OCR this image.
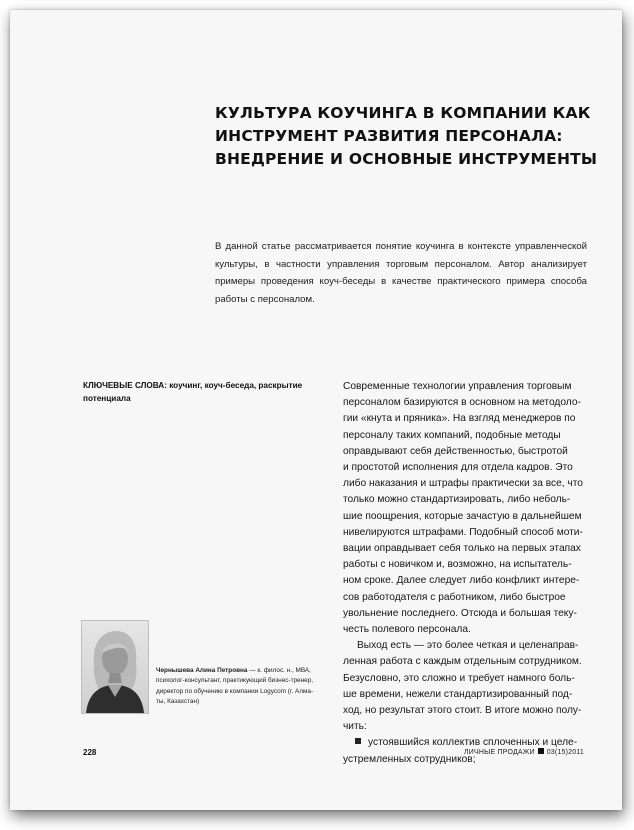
КУЛЬТУРА КОУЧИНГА В КОМПАНИИ КАК
ИНСТРУМЕНТ РАЗВИТИЯ ПЕРСОНАЛА:
ВНЕДРЕНИЕ И ОСНОВНЫЕ ИНСТРУМЕНТЫ
В данной статье рассматривается понятие коучинга в контексте управленческой
культуры, в частности управления торговым персоналом. Автор анализирует
примеры проведения коуч-беседы в качестве практического примера способа
работы с персоналом.
КЛЮЧЕВЫЕ СЛОВА: коучинг, коуч-беседа, раскрытие
потенциала
Современные технологии управления торговым
персоналом базируются в основном на методоло-
гии «кнута и пряника». На взгляд менеджеров по
персоналу таких компаний, подобные методы
оправдывают себя действенностью, быстротой
и простотой исполнения для отдела кадров. Это
либо наказания и штрафы практически за все, что
только можно стандартизировать, либо неболь-
шие поощрения, которые зачастую в дальнейшем
нивелируются штрафами. Подобный способ моти-
вации оправдывает себя только на первых этапах
работы с новичком и, возможно, на испытатель-
ном сроке. Далее следует либо конфликт интере-
сов работодателя с работником, либо быстрое
увольнение последнего. Отсюда и большая теку-
честь полевого персонала.
Выход есть — это более четкая и целенаправ-
ленная работа с каждым отдельным сотрудником.
Безусловно, это сложно и требует намного боль-
ше времени, нежели стандартизированный под-
ход, но результат этого стоит. В итоге можно полу-
чить:
устоявшийся коллектив сплоченных и целе-
устремленных сотрудников;
Чернышева Алина Петровна — к. филос. н., МВА,
психолог-консультант, практикующий бизнес-тренер,
директор по обучению в компании Logycom (г. Алма-
ты, Казахстан)
228	ЛИЧНЫЕ ПРОДАЖИ 03(15)2011
